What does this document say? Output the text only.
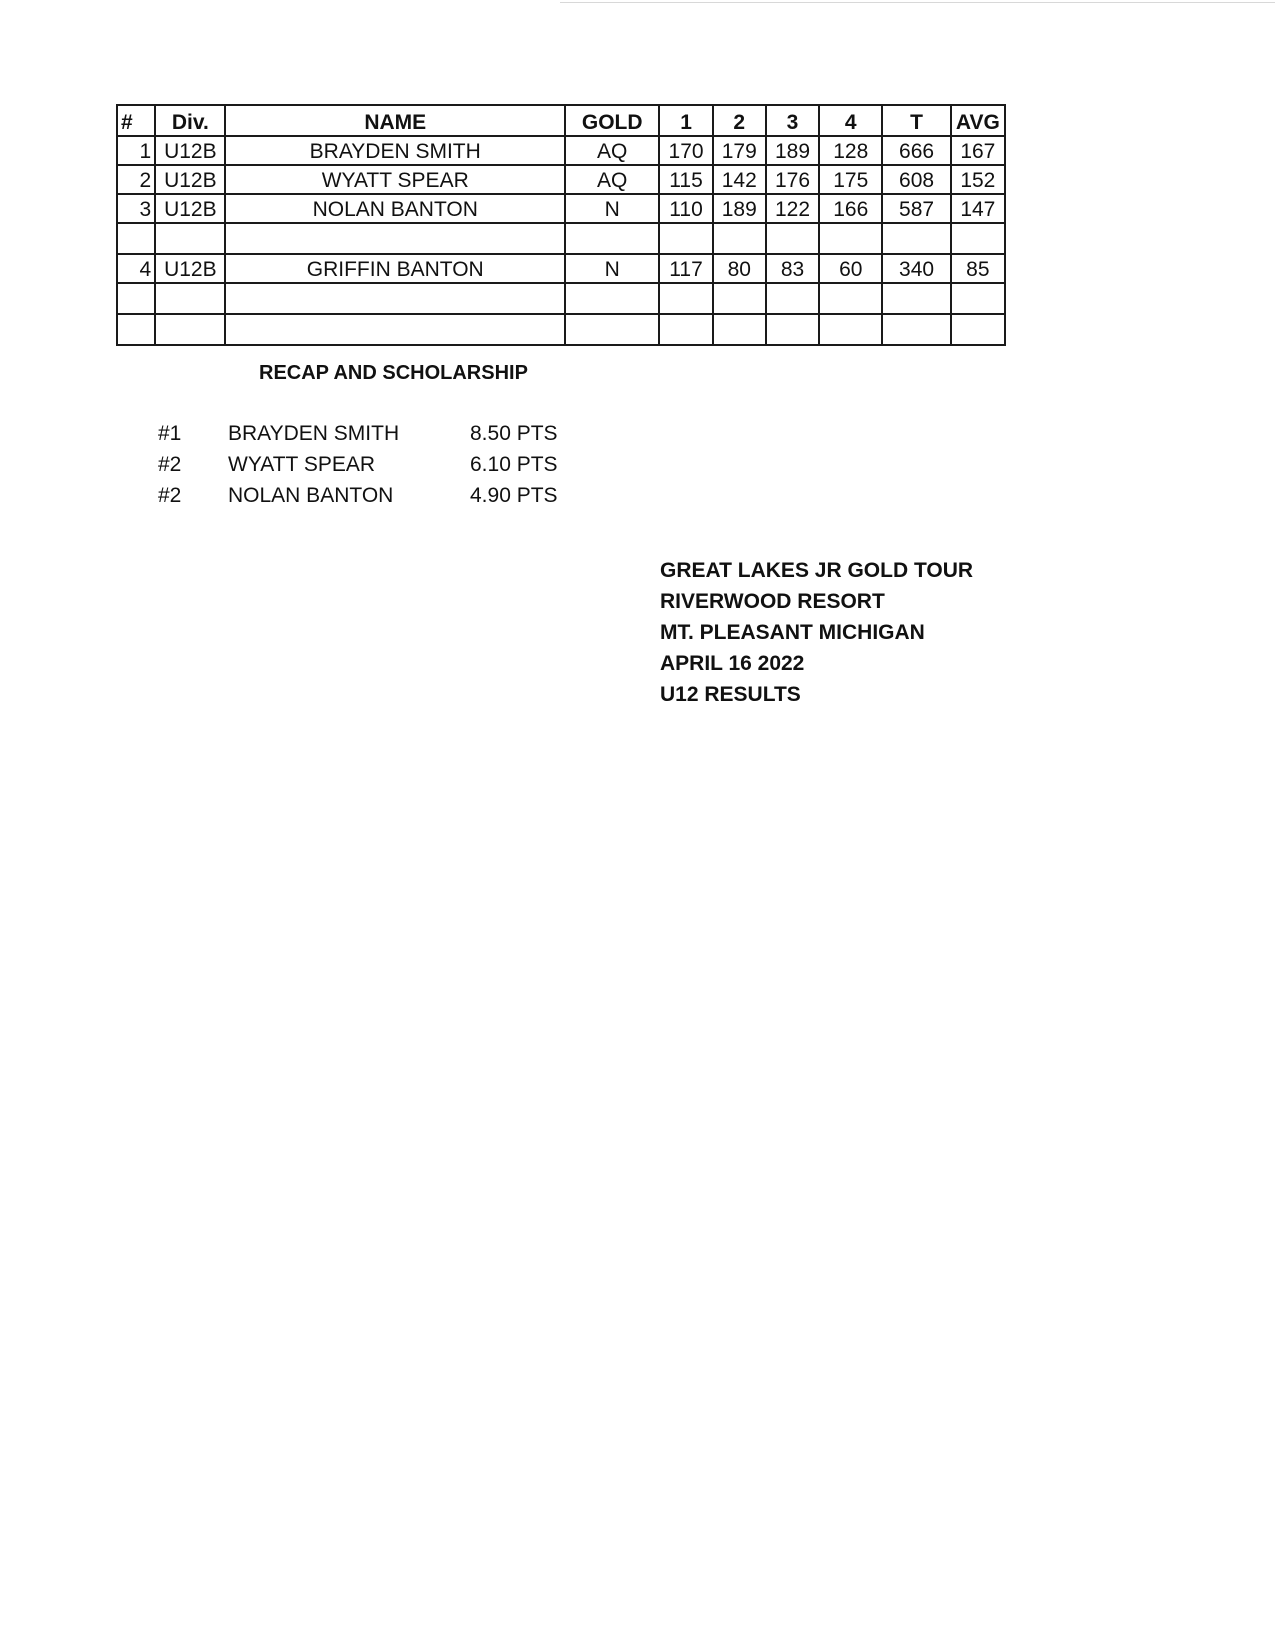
#	Div.	NAME	GOLD	1	2	3	4	T	AVG
1	U12B	BRAYDEN SMITH	AQ	170	179	189	128	666	167
2	U12B	WYATT SPEAR	AQ	115	142	176	175	608	152
3	U12B	NOLAN BANTON	N	110	189	122	166	587	147

4	U12B	GRIFFIN BANTON	N	117	80	83	60	340	85

RECAP AND SCHOLARSHIP
#1 BRAYDEN SMITH	8.50 PTS
#2 WYATT SPEAR	6.10 PTS
#2 NOLAN BANTON	4.90 PTS
GREAT LAKES JR GOLD TOUR
RIVERWOOD RESORT
MT. PLEASANT MICHIGAN
APRIL 16 2022
U12 RESULTS
